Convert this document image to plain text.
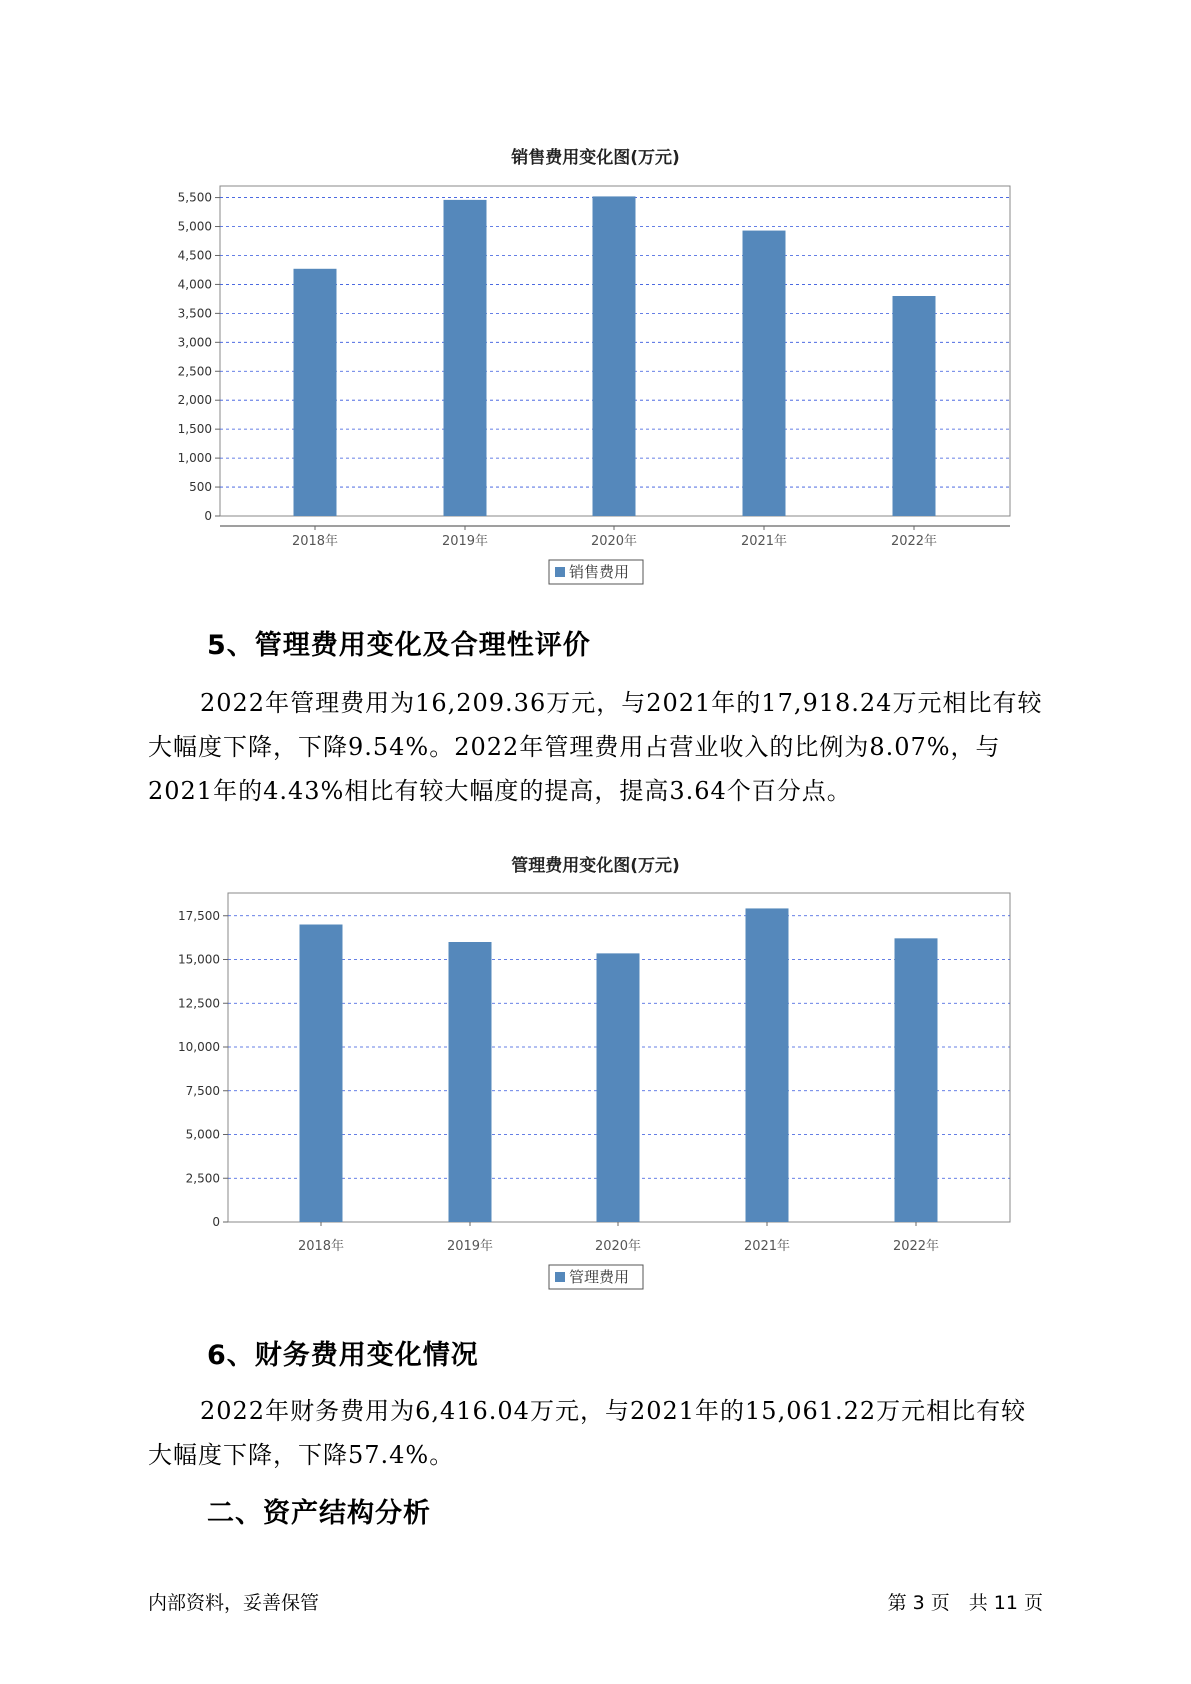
销售费用变化图(万元)
0
500
1,000
1,500
2,000
2,500
3,000
3,500
4,000
4,500
5,000
5,500
2018年	2019年	2020年	2021年	2022年
销售费用
5、管理费用变化及合理性评价

2022年管理费用为16,209.36万元，与2021年的17,918.24万元相比有较大幅度下降，下降9.54%。2022年管理费用占营业收入的比例为8.07%，与2021年的4.43%相比有较大幅度的提高，提高3.64个百分点。

管理费用变化图(万元)
0
2,500
5,000
7,500
10,000
12,500
15,000
17,500
2018年	2019年	2020年	2021年	2022年
管理费用
6、财务费用变化情况

2022年财务费用为6,416.04万元，与2021年的15,061.22万元相比有较大幅度下降，下降57.4%。

二、资产结构分析
内部资料，妥善保管	第 3 页　共 11 页
